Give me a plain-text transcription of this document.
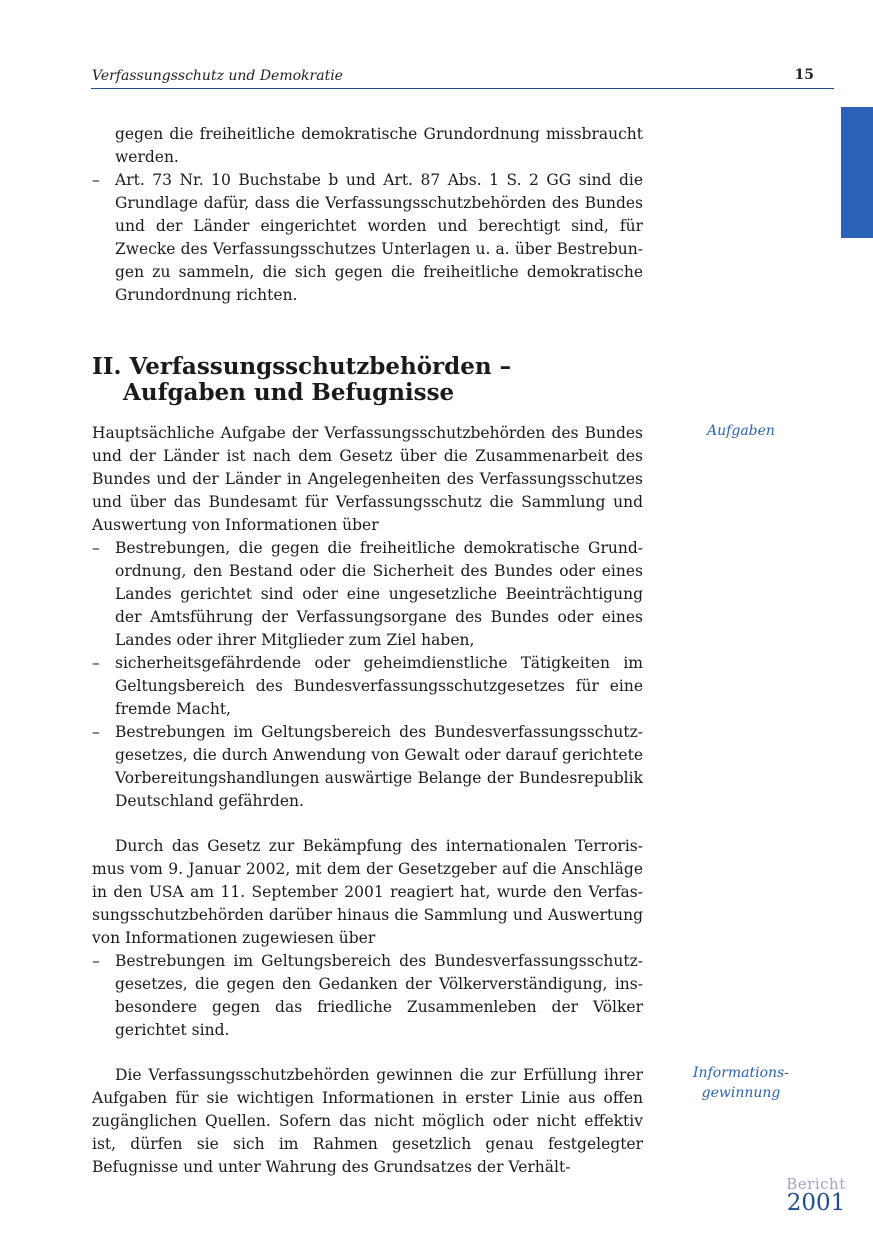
Verfassungsschutz und Demokratie	15

gegen die freiheitliche demokratische Grundordnung missbraucht werden.

– Art. 73 Nr. 10 Buchstabe b und Art. 87 Abs. 1 S. 2 GG sind die Grundlage dafür, dass die Verfassungsschutzbehörden des Bundes und der Länder eingerichtet worden und berechtigt sind, für Zwecke des Verfassungsschutzes Unterlagen u. a. über Bestrebungen zu sammeln, die sich gegen die freiheitliche demokratische Grundordnung richten.
II. Verfassungsschutzbehörden –
Aufgaben und Befugnisse
Aufgaben

Hauptsächliche Aufgabe der Verfassungsschutzbehörden des Bundes und der Länder ist nach dem Gesetz über die Zusammenarbeit des Bundes und der Länder in Angelegenheiten des Verfassungsschutzes und über das Bundesamt für Verfassungsschutz die Sammlung und Auswertung von Informationen über

– Bestrebungen, die gegen die freiheitliche demokratische Grundordnung, den Bestand oder die Sicherheit des Bundes oder eines Landes gerichtet sind oder eine ungesetzliche Beeinträchtigung der Amtsführung der Verfassungsorgane des Bundes oder eines Landes oder ihrer Mitglieder zum Ziel haben,
– sicherheitsgefährdende oder geheimdienstliche Tätigkeiten im Geltungsbereich des Bundesverfassungsschutzgesetzes für eine fremde Macht,
– Bestrebungen im Geltungsbereich des Bundesverfassungsschutzgesetzes, die durch Anwendung von Gewalt oder darauf gerichtete Vorbereitungshandlungen auswärtige Belange der Bundesrepublik Deutschland gefährden.

Durch das Gesetz zur Bekämpfung des internationalen Terrorismus vom 9. Januar 2002, mit dem der Gesetzgeber auf die Anschläge in den USA am 11. September 2001 reagiert hat, wurde den Verfassungsschutzbehörden darüber hinaus die Sammlung und Auswertung von Informationen zugewiesen über

– Bestrebungen im Geltungsbereich des Bundesverfassungsschutzgesetzes, die gegen den Gedanken der Völkerverständigung, insbesondere gegen das friedliche Zusammenleben der Völker gerichtet sind.
Informations-
gewinnung

Die Verfassungsschutzbehörden gewinnen die zur Erfüllung ihrer Aufgaben für sie wichtigen Informationen in erster Linie aus offen zugänglichen Quellen. Sofern das nicht möglich oder nicht effektiv ist, dürfen sie sich im Rahmen gesetzlich genau festgelegter Befugnisse und unter Wahrung des Grundsatzes der Verhält-

Bericht
2001
